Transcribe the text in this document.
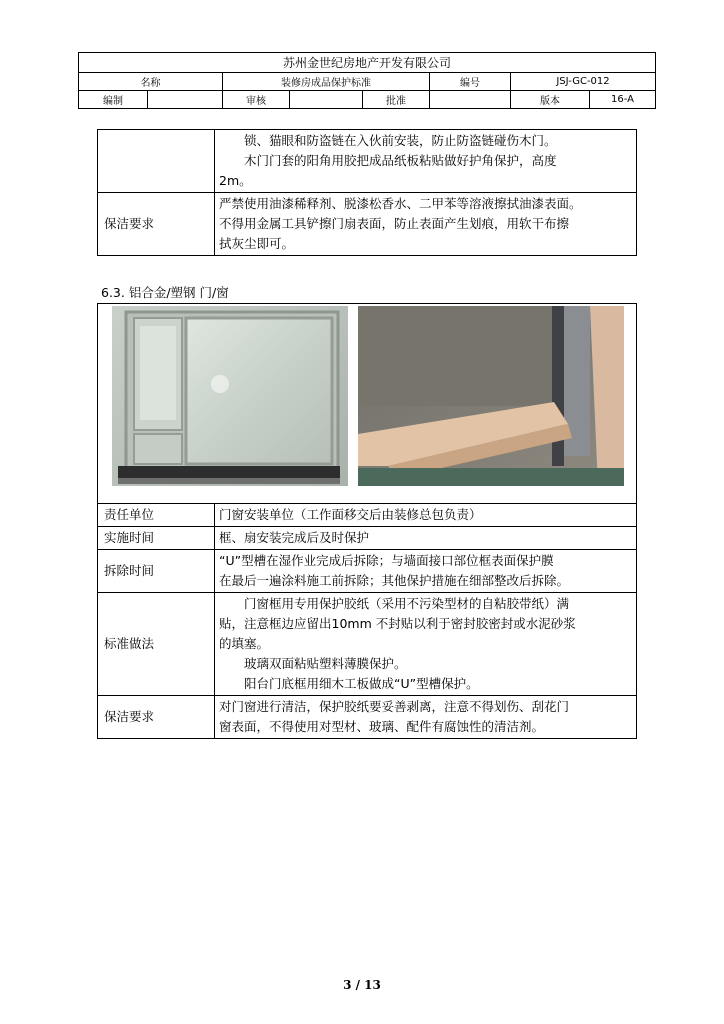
苏州金世纪房地产开发有限公司							
名称		装修房成品保护标准			编号	JSJ-GC-012	
编制		审核		批准		版本	16-A

	锁、猫眼和防盗链在入伙前安装，防止防盗链碰伤木门。
木门门套的阳角用胶把成品纸板粘贴做好护角保护，高度
2m。

保洁要求	严禁使用油漆稀释剂、脱漆松香水、二甲苯等溶液擦拭油漆表面。
不得用金属工具铲擦门扇表面，防止表面产生划痕，用软干布擦
拭灰尘即可。
6.3. 铝合金/塑钢 门/窗
责任单位	门窗安装单位（工作面移交后由装修总包负责）
实施时间	框、扇安装完成后及时保护
拆除时间	“U”型槽在湿作业完成后拆除；与墙面接口部位框表面保护膜
在最后一遍涂料施工前拆除；其他保护措施在细部整改后拆除。

标准做法	门窗框用专用保护胶纸（采用不污染型材的自粘胶带纸）满
贴，注意框边应留出10mm 不封贴以利于密封胶密封或水泥砂浆
的填塞。
玻璃双面粘贴塑料薄膜保护。
阳台门底框用细木工板做成“U”型槽保护。

保洁要求	对门窗进行清洁，保护胶纸要妥善剥离，注意不得划伤、刮花门
窗表面，不得使用对型材、玻璃、配件有腐蚀性的清洁剂。
3 / 13
